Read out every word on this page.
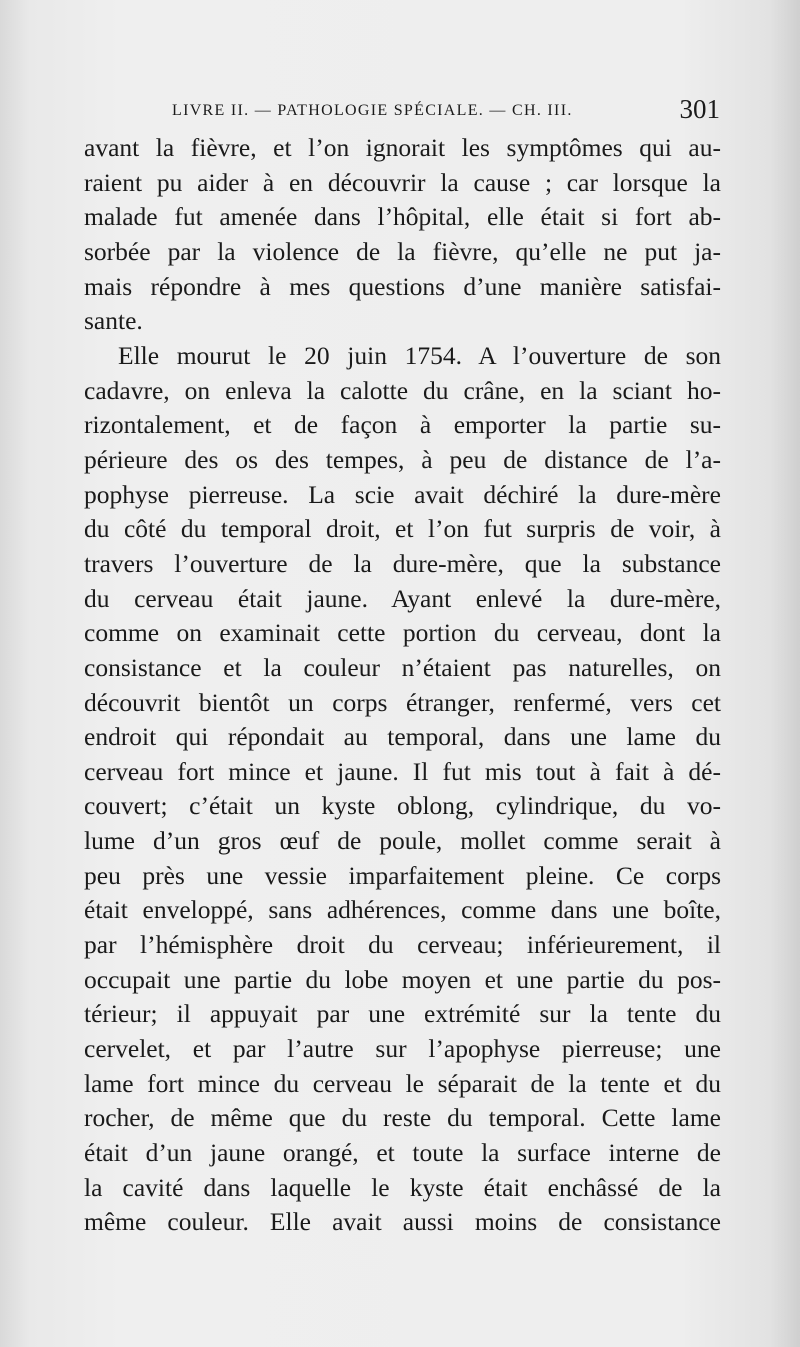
LIVRE II. — PATHOLOGIE SPÉCIALE. — CH. III.	301
avant la fièvre, et l’on ignorait les symptômes qui au-
raient pu aider à en découvrir la cause ; car lorsque la
malade fut amenée dans l’hôpital, elle était si fort ab-
sorbée par la violence de la fièvre, qu’elle ne put ja-
mais répondre à mes questions d’une manière satisfai-
sante.
Elle mourut le 20 juin 1754. A l’ouverture de son
cadavre, on enleva la calotte du crâne, en la sciant ho-
rizontalement, et de façon à emporter la partie su-
périeure des os des tempes, à peu de distance de l’a-
pophyse pierreuse. La scie avait déchiré la dure-mère
du côté du temporal droit, et l’on fut surpris de voir, à
travers l’ouverture de la dure-mère, que la substance
du cerveau était jaune. Ayant enlevé la dure-mère,
comme on examinait cette portion du cerveau, dont la
consistance et la couleur n’étaient pas naturelles, on
découvrit bientôt un corps étranger, renfermé, vers cet
endroit qui répondait au temporal, dans une lame du
cerveau fort mince et jaune. Il fut mis tout à fait à dé-
couvert; c’était un kyste oblong, cylindrique, du vo-
lume d’un gros œuf de poule, mollet comme serait à
peu près une vessie imparfaitement pleine. Ce corps
était enveloppé, sans adhérences, comme dans une boîte,
par l’hémisphère droit du cerveau; inférieurement, il
occupait une partie du lobe moyen et une partie du pos-
térieur; il appuyait par une extrémité sur la tente du
cervelet, et par l’autre sur l’apophyse pierreuse; une
lame fort mince du cerveau le séparait de la tente et du
rocher, de même que du reste du temporal. Cette lame
était d’un jaune orangé, et toute la surface interne de
la cavité dans laquelle le kyste était enchâssé de la
même couleur. Elle avait aussi moins de consistance
